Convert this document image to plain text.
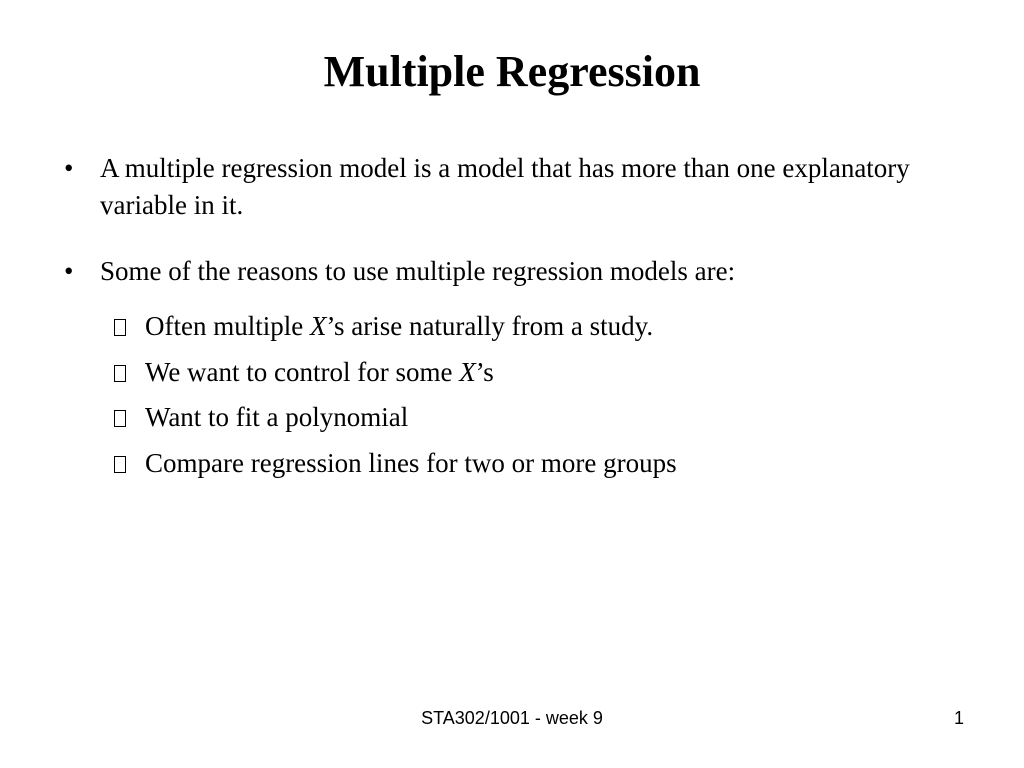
Multiple Regression
• A multiple regression model is a model that has more than one explanatory variable in it.
• Some of the reasons to use multiple regression models are:
Often multiple X’s arise naturally from a study.
We want to control for some X’s
Want to fit a polynomial
Compare regression lines for two or more groups
STA302/1001 - week 9	1
